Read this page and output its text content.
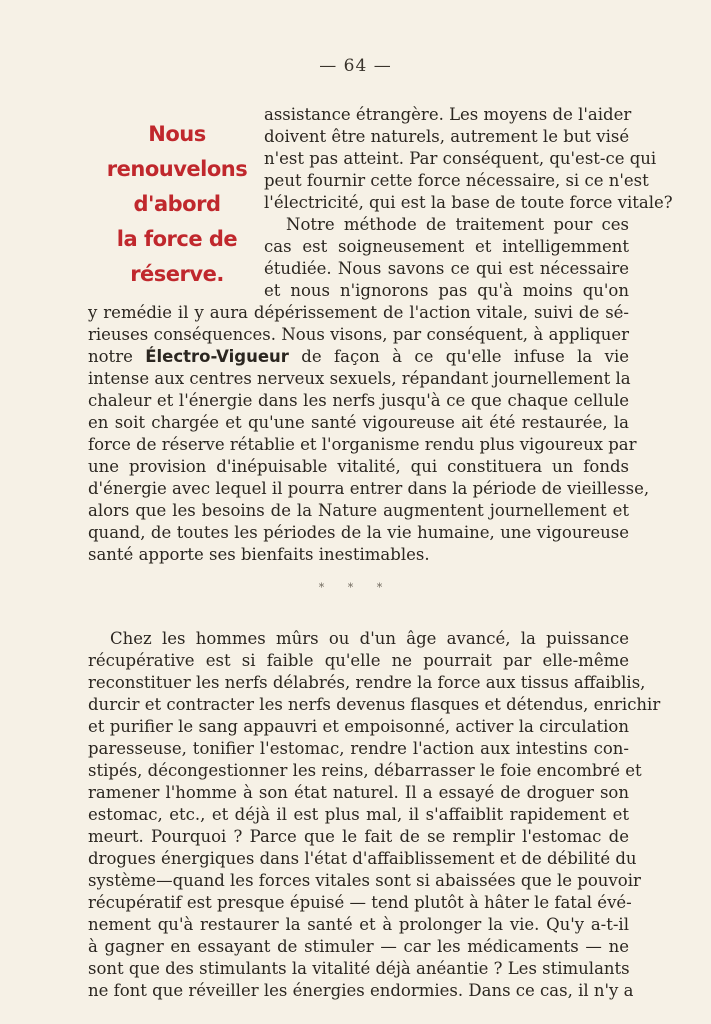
— 64 —
Nous
renouvelons
d'abord
la force de
réserve.
assistance étrangère. Les moyens de l'aider
doivent être naturels, autrement le but visé
n'est pas atteint. Par conséquent, qu'est-ce qui
peut fournir cette force nécessaire, si ce n'est
l'électricité, qui est la base de toute force vitale?
Notre méthode de traitement pour ces
cas est soigneusement et intelligemment
étudiée. Nous savons ce qui est nécessaire
et nous n'ignorons pas qu'à moins qu'on
y remédie il y aura dépérissement de l'action vitale, suivi de sé-
rieuses conséquences. Nous visons, par conséquent, à appliquer
notre Électro-Vigueur de façon à ce qu'elle infuse la vie
intense aux centres nerveux sexuels, répandant journellement la
chaleur et l'énergie dans les nerfs jusqu'à ce que chaque cellule
en soit chargée et qu'une santé vigoureuse ait été restaurée, la
force de réserve rétablie et l'organisme rendu plus vigoureux par
une provision d'inépuisable vitalité, qui constituera un fonds
d'énergie avec lequel il pourra entrer dans la période de vieillesse,
alors que les besoins de la Nature augmentent journellement et
quand, de toutes les périodes de la vie humaine, une vigoureuse
santé apporte ses bienfaits inestimables.
* * *
Chez les hommes mûrs ou d'un âge avancé, la puissance
récupérative est si faible qu'elle ne pourrait par elle-même
reconstituer les nerfs délabrés, rendre la force aux tissus affaiblis,
durcir et contracter les nerfs devenus flasques et détendus, enrichir
et purifier le sang appauvri et empoisonné, activer la circulation
paresseuse, tonifier l'estomac, rendre l'action aux intestins con-
stipés, décongestionner les reins, débarrasser le foie encombré et
ramener l'homme à son état naturel. Il a essayé de droguer son
estomac, etc., et déjà il est plus mal, il s'affaiblit rapidement et
meurt. Pourquoi ? Parce que le fait de se remplir l'estomac de
drogues énergiques dans l'état d'affaiblissement et de débilité du
système—quand les forces vitales sont si abaissées que le pouvoir
récupératif est presque épuisé — tend plutôt à hâter le fatal évé-
nement qu'à restaurer la santé et à prolonger la vie. Qu'y a-t-il
à gagner en essayant de stimuler — car les médicaments — ne
sont que des stimulants la vitalité déjà anéantie ? Les stimulants
ne font que réveiller les énergies endormies. Dans ce cas, il n'y a
